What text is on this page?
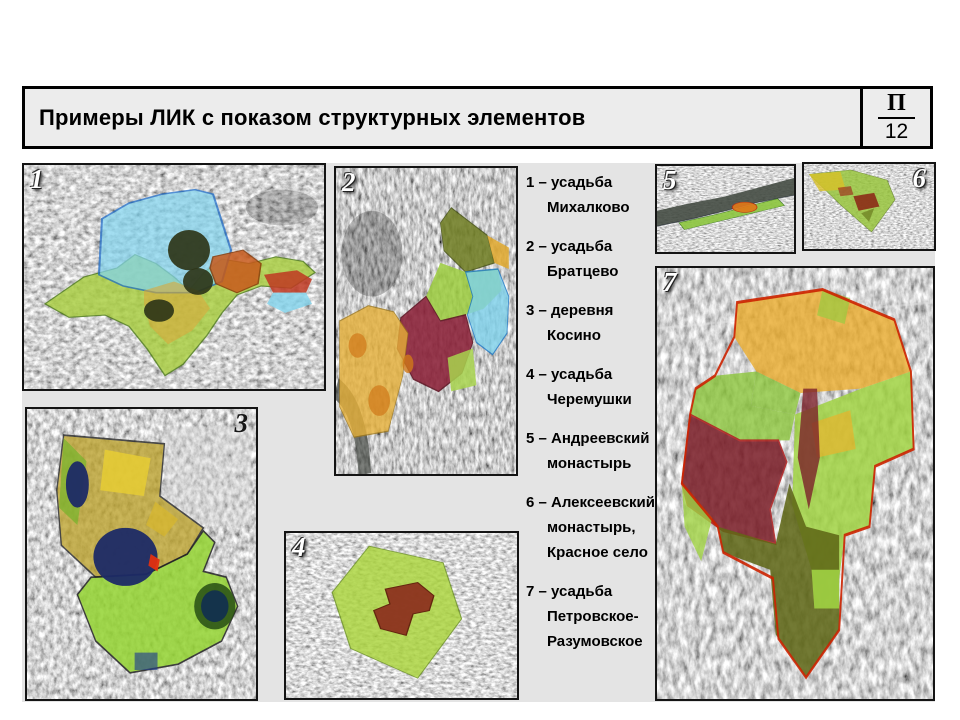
Примеры ЛИК с показом структурных элементов
П
12
1	2
3
4
5	6
7
1 – усадьба
Михалково
2 – усадьба
Братцево
3 – деревня
Косино
4 – усадьба
Черемушки
5 – Андреевский
монастырь
6 – Алексеевский
монастырь,
Красное село
7 – усадьба
Петровское-
Разумовское
